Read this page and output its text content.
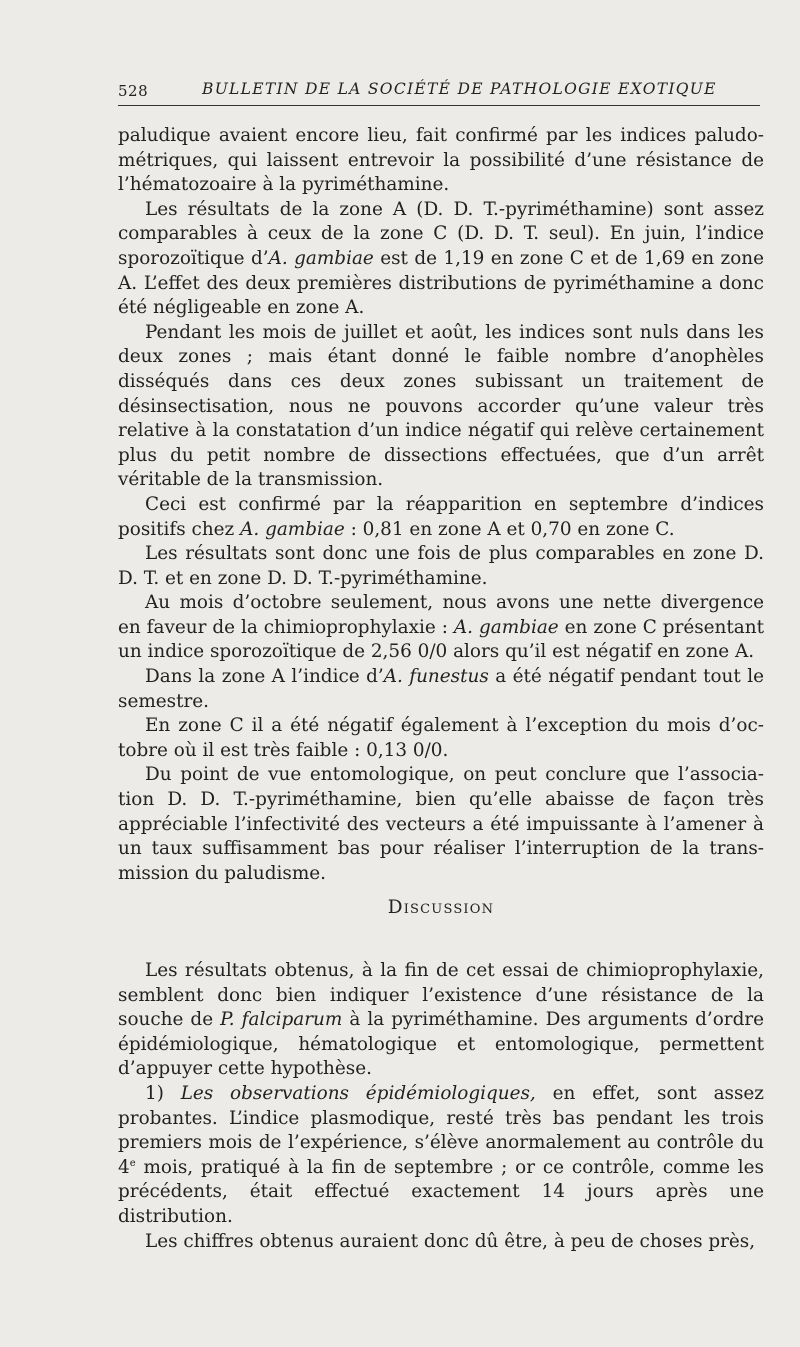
528	BULLETIN DE LA SOCIÉTÉ DE PATHOLOGIE EXOTIQUE

paludique avaient encore lieu, fait confirmé par les indices paludométriques, qui laissent entrevoir la possibilité d’une résistance de l’hématozoaire à la pyriméthamine.

Les résultats de la zone A (D. D. T.-pyriméthamine) sont assez comparables à ceux de la zone C (D. D. T. seul). En juin, l’indice sporozoïtique d’A. gambiae est de 1,19 en zone C et de 1,69 en zone A. L’effet des deux premières distributions de pyriméthamine a donc été négligeable en zone A.

Pendant les mois de juillet et août, les indices sont nuls dans les deux zones ; mais étant donné le faible nombre d’anophèles disséqués dans ces deux zones subissant un traitement de désinsectisation, nous ne pouvons accorder qu’une valeur très relative à la constatation d’un indice négatif qui relève certainement plus du petit nombre de dissections effectuées, que d’un arrêt véritable de la transmission.

Ceci est confirmé par la réapparition en septembre d’indices positifs chez A. gambiae : 0,81 en zone A et 0,70 en zone C.

Les résultats sont donc une fois de plus comparables en zone D. D. T. et en zone D. D. T.-pyriméthamine.

Au mois d’octobre seulement, nous avons une nette divergence en faveur de la chimioprophylaxie : A. gambiae en zone C présentant un indice sporozoïtique de 2,56 0/0 alors qu’il est négatif en zone A.

Dans la zone A l’indice d’A. funestus a été négatif pendant tout le semestre.

En zone C il a été négatif également à l’exception du mois d’octobre où il est très faible : 0,13 0/0.

Du point de vue entomologique, on peut conclure que l’association D. D. T.-pyriméthamine, bien qu’elle abaisse de façon très appréciable l’infectivité des vecteurs a été impuissante à l’amener à un taux suffisamment bas pour réaliser l’interruption de la transmission du paludisme.

Discussion

Les résultats obtenus, à la fin de cet essai de chimioprophylaxie, semblent donc bien indiquer l’existence d’une résistance de la souche de P. falciparum à la pyriméthamine. Des arguments d’ordre épidémiologique, hématologique et entomologique, permettent d’appuyer cette hypothèse.

1) Les observations épidémiologiques, en effet, sont assez probantes. L’indice plasmodique, resté très bas pendant les trois premiers mois de l’expérience, s’élève anormalement au contrôle du 4e mois, pratiqué à la fin de septembre ; or ce contrôle, comme les précédents, était effectué exactement 14 jours après une distribution.

Les chiffres obtenus auraient donc dû être, à peu de choses près,
